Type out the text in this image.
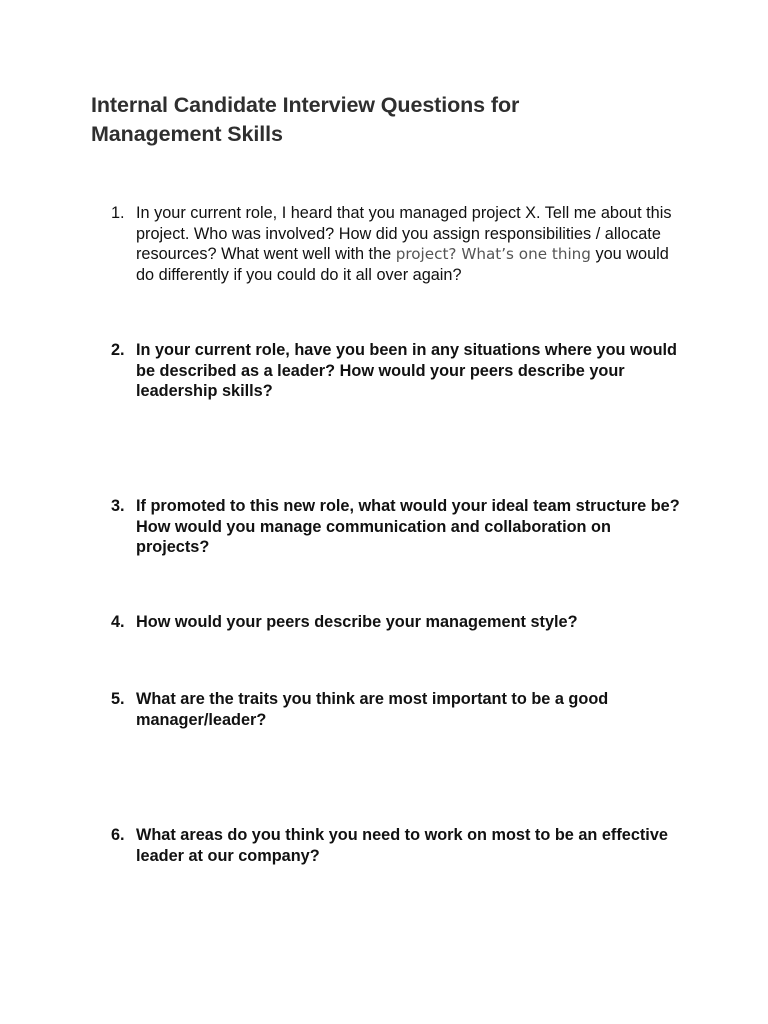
Internal Candidate Interview Questions for Management Skills
1. In your current role, I heard that you managed project X. Tell me about this project. Who was involved? How did you assign responsibilities / allocate resources? What went well with the project? What’s one thing you would do differently if you could do it all over again?
2. In your current role, have you been in any situations where you would be described as a leader? How would your peers describe your leadership skills?
3. If promoted to this new role, what would your ideal team structure be? How would you manage communication and collaboration on projects?
4. How would your peers describe your management style?
5. What are the traits you think are most important to be a good manager/leader?
6. What areas do you think you need to work on most to be an effective leader at our company?
